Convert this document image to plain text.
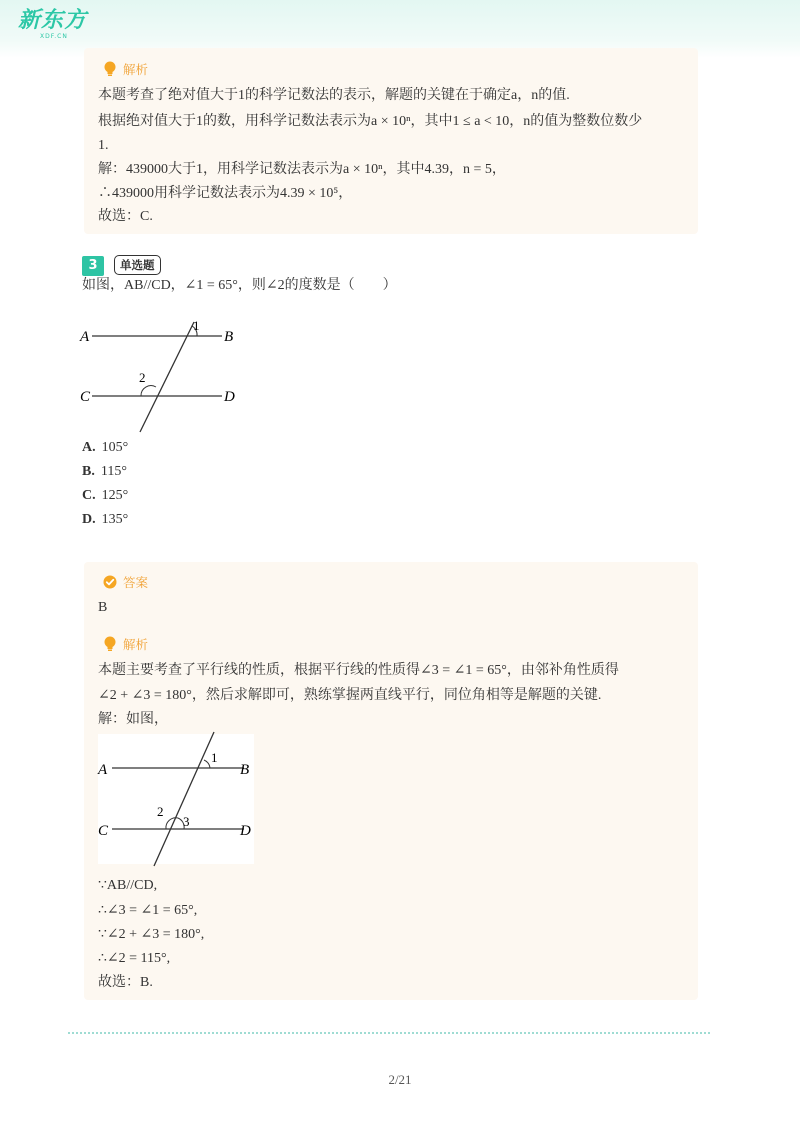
新东方
XDF.CN
解析
本题考查了绝对值大于1的科学记数法的表示，解题的关键在于确定a，n的值.
根据绝对值大于1的数，用科学记数法表示为a × 10ⁿ，其中1 ≤ a < 10，n的值为整数位数少
1.
解：439000大于1，用科学记数法表示为a × 10ⁿ，其中4.39，n = 5，
∴439000用科学记数法表示为4.39 × 10⁵，
故选：C.
3	单选题
如图，AB//CD，∠1 = 65°，则∠2的度数是（　　）
A	B
C	D
1
2
A. 105°
B. 115°
C. 125°
D. 135°
答案
B
解析
本题主要考查了平行线的性质，根据平行线的性质得∠3 = ∠1 = 65°，由邻补角性质得
∠2 + ∠3 = 180°，然后求解即可，熟练掌握两直线平行，同位角相等是解题的关键.
解：如图，
A	B
C	D
1
2
3
∵AB//CD,
∴∠3 = ∠1 = 65°,
∵∠2 + ∠3 = 180°,
∴∠2 = 115°,
故选：B.
2/21
